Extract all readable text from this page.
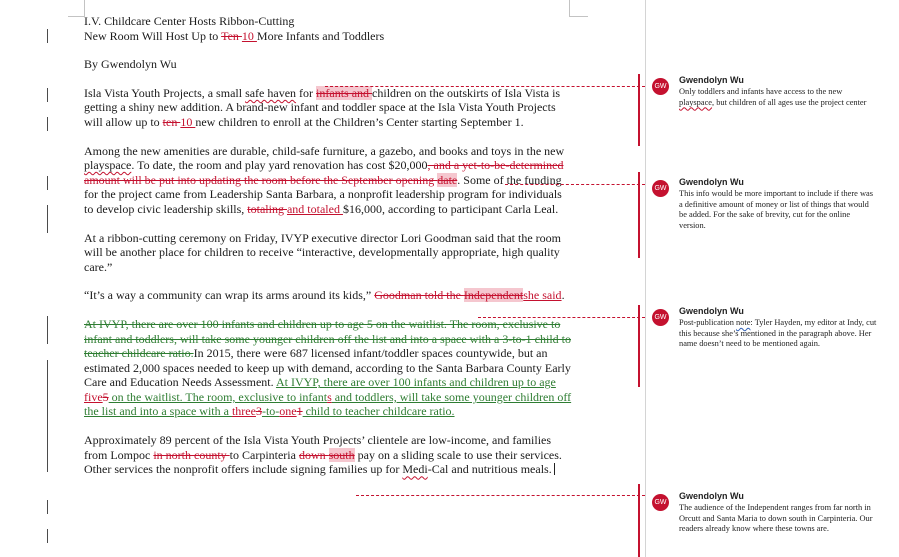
I.V. Childcare Center Hosts Ribbon-Cutting

New Room Will Host Up to Ten 10 More Infants and Toddlers

By Gwendolyn Wu

Isla Vista Youth Projects, a small safe haven for infants and children on the outskirts of Isla Vista is getting a shiny new addition. A brand-new infant and toddler space at the Isla Vista Youth Projects will allow up to ten 10 new children to enroll at the Children’s Center starting September 1.

Among the new amenities are durable, child-safe furniture, a gazebo, and books and toys in the new playspace. To date, the room and play yard renovation has cost $20,000, and a yet-to-be-determined amount will be put into updating the room before the September opening date. Some of the funding for the project came from Leadership Santa Barbara, a nonprofit leadership program for individuals to develop civic leadership skills, totaling and totaled $16,000, according to participant Carla Leal.

At a ribbon-cutting ceremony on Friday, IVYP executive director Lori Goodman said that the room will be another place for children to receive “interactive, developmentally appropriate, high quality care.”

“It’s a way a community can wrap its arms around its kids,” Goodman told the Independentshe said.

At IVYP, there are over 100 infants and children up to age 5 on the waitlist. The room, exclusive to infant and toddlers, will take some younger children off the list and into a space with a 3-to-1 child to teacher childcare ratio.In 2015, there were 687 licensed infant/toddler spaces countywide, but an estimated 2,000 spaces needed to keep up with demand, according to the Santa Barbara County Early Care and Education Needs Assessment. At IVYP, there are over 100 infants and children up to age five5 on the waitlist. The room, exclusive to infants and toddlers, will take some younger children off the list and into a space with a three3-to-one1 child to teacher childcare ratio.

Approximately 89 percent of the Isla Vista Youth Projects’ clientele are low-income, and families from Lompoc in north county to Carpinteria down south pay on a sliding scale to use their services. Other services the nonprofit offers include signing families up for Medi-Cal and nutritious meals.

GW
Gwendolyn Wu
Only toddlers and infants have access to the new playspace, but children of all ages use the project center
GW
Gwendolyn Wu
This info would be more important to include if there was a definitive amount of money or list of things that would be added. For the sake of brevity, cut for the online version.
GW
Gwendolyn Wu
Post-publication note: Tyler Hayden, my editor at Indy, cut this because she’s mentioned in the paragraph above. Her name doesn’t need to be mentioned again.
GW
Gwendolyn Wu
The audience of the Independent ranges from far north in Orcutt and Santa Maria to down south in Carpinteria. Our readers already know where these towns are.
